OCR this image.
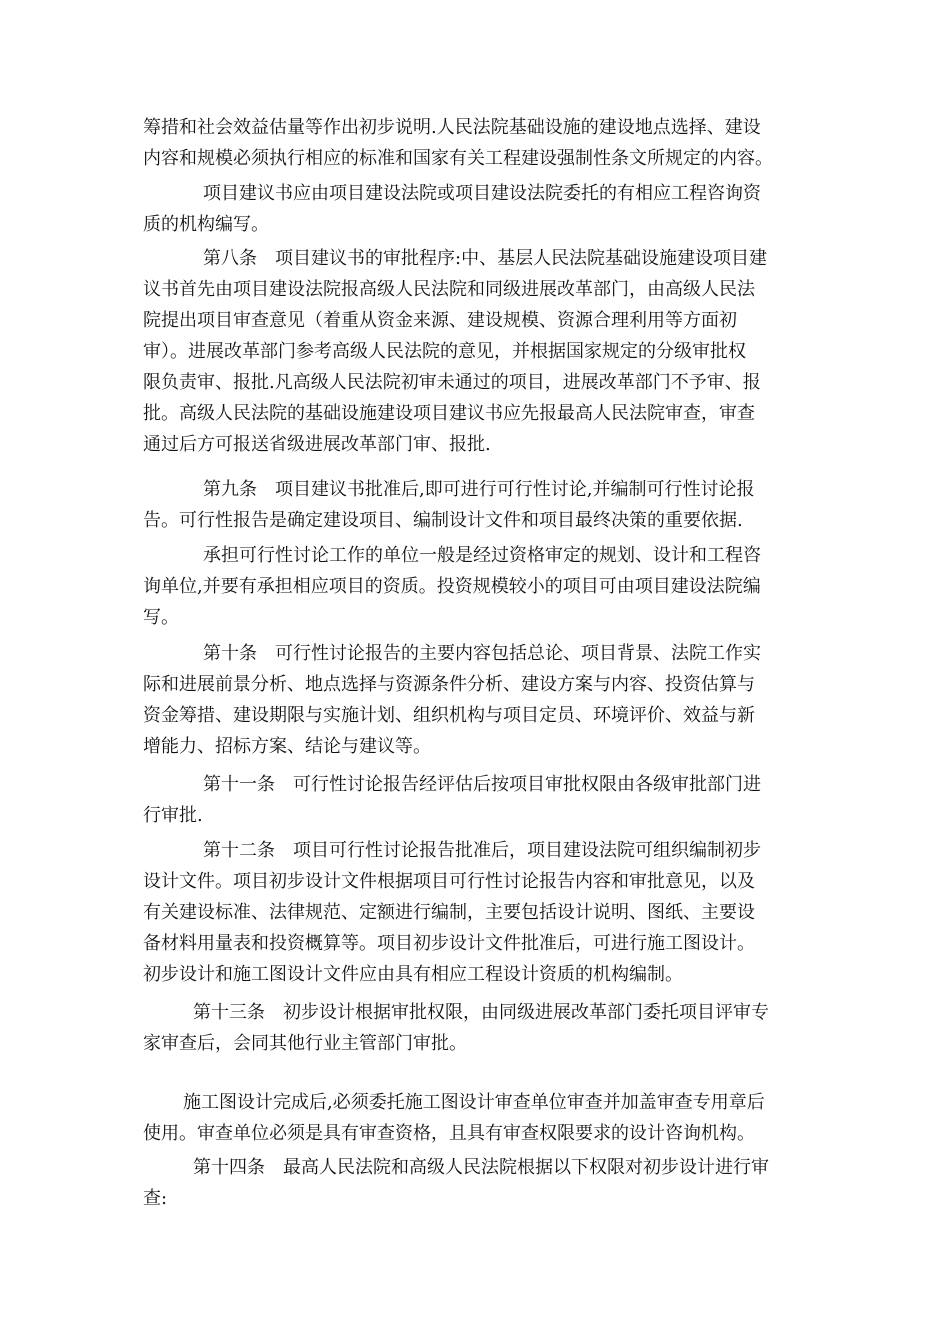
筹措和社会效益估量等作出初步说明.人民法院基础设施的建设地点选择、建设
内容和规模必须执行相应的标准和国家有关工程建设强制性条文所规定的内容。

项目建议书应由项目建设法院或项目建设法院委托的有相应工程咨询资
质的机构编写。

第八条　项目建议书的审批程序:中、基层人民法院基础设施建设项目建
议书首先由项目建设法院报高级人民法院和同级进展改革部门，由高级人民法
院提出项目审查意见（着重从资金来源、建设规模、资源合理利用等方面初
审）。进展改革部门参考高级人民法院的意见，并根据国家规定的分级审批权
限负责审、报批.凡高级人民法院初审未通过的项目，进展改革部门不予审、报
批。高级人民法院的基础设施建设项目建议书应先报最高人民法院审查，审查
通过后方可报送省级进展改革部门审、报批.

第九条　项目建议书批准后,即可进行可行性讨论,并编制可行性讨论报
告。可行性报告是确定建设项目、编制设计文件和项目最终决策的重要依据.

承担可行性讨论工作的单位一般是经过资格审定的规划、设计和工程咨
询单位,并要有承担相应项目的资质。投资规模较小的项目可由项目建设法院编
写。

第十条　可行性讨论报告的主要内容包括总论、项目背景、法院工作实
际和进展前景分析、地点选择与资源条件分析、建设方案与内容、投资估算与
资金筹措、建设期限与实施计划、组织机构与项目定员、环境评价、效益与新
增能力、招标方案、结论与建议等。

第十一条　可行性讨论报告经评估后按项目审批权限由各级审批部门进
行审批.

第十二条　项目可行性讨论报告批准后，项目建设法院可组织编制初步
设计文件。项目初步设计文件根据项目可行性讨论报告内容和审批意见，以及
有关建设标准、法律规范、定额进行编制，主要包括设计说明、图纸、主要设
备材料用量表和投资概算等。项目初步设计文件批准后，可进行施工图设计。
初步设计和施工图设计文件应由具有相应工程设计资质的机构编制。

第十三条　初步设计根据审批权限，由同级进展改革部门委托项目评审专
家审查后，会同其他行业主管部门审批。

施工图设计完成后,必须委托施工图设计审查单位审查并加盖审查专用章后
使用。审查单位必须是具有审查资格，且具有审查权限要求的设计咨询机构。

第十四条　最高人民法院和高级人民法院根据以下权限对初步设计进行审
查:
